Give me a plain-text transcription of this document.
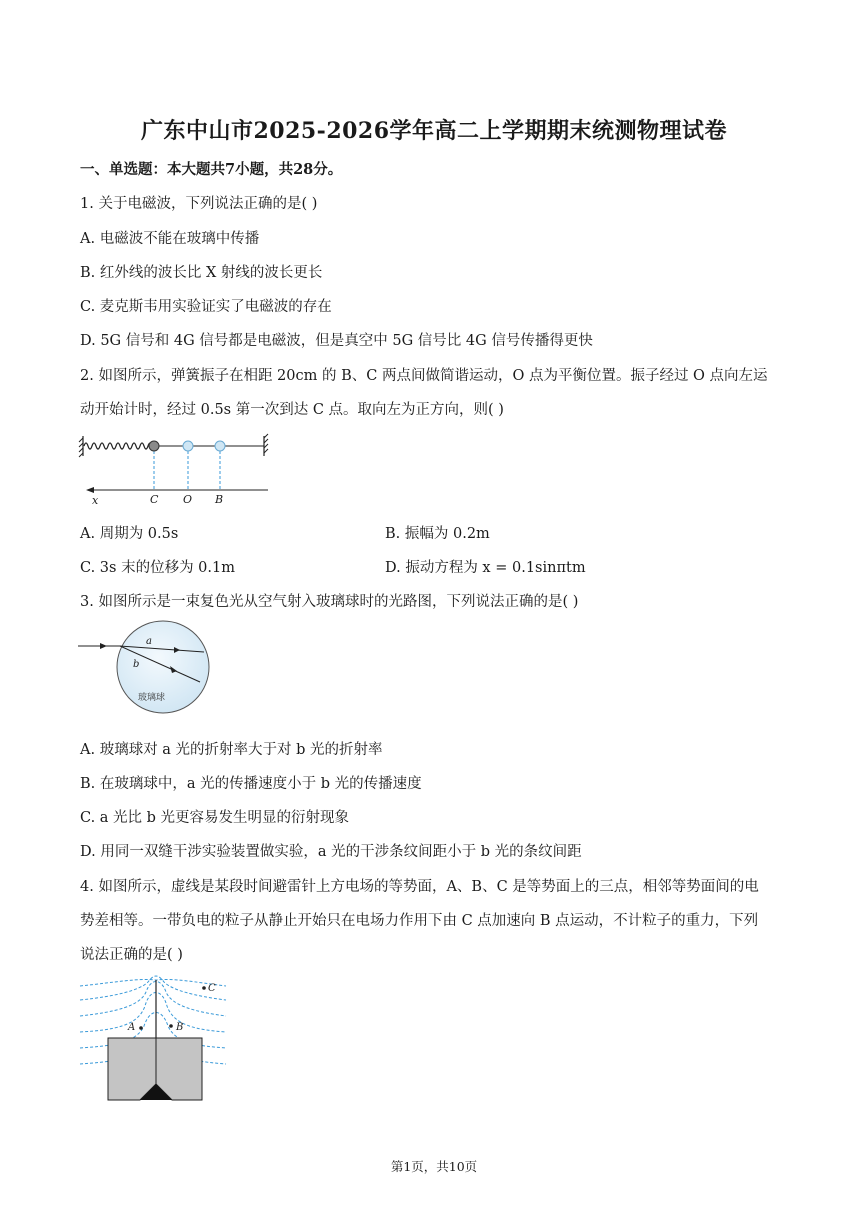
广东中山市2025-2026学年高二上学期期末统测物理试卷
一、单选题：本大题共7小题，共28分。
1. 关于电磁波，下列说法正确的是( )
A. 电磁波不能在玻璃中传播
B. 红外线的波长比 X 射线的波长更长
C. 麦克斯韦用实验证实了电磁波的存在
D. 5G 信号和 4G 信号都是电磁波，但是真空中 5G 信号比 4G 信号传播得更快
2. 如图所示，弹簧振子在相距 20cm 的 B、C 两点间做简谐运动，O 点为平衡位置。振子经过 O 点向左运
动开始计时，经过 0.5s 第一次到达 C 点。取向左为正方向，则( )
x	C O B
A. 周期为 0.5s	B. 振幅为 0.2m
C. 3s 末的位移为 0.1m	D. 振动方程为 x = 0.1sinπtm
3. 如图所示是一束复色光从空气射入玻璃球时的光路图，下列说法正确的是( )
a
b
玻璃球
A. 玻璃球对 a 光的折射率大于对 b 光的折射率
B. 在玻璃球中，a 光的传播速度小于 b 光的传播速度
C. a 光比 b 光更容易发生明显的衍射现象
D. 用同一双缝干涉实验装置做实验，a 光的干涉条纹间距小于 b 光的条纹间距
4. 如图所示，虚线是某段时间避雷针上方电场的等势面，A、B、C 是等势面上的三点，相邻等势面间的电
势差相等。一带负电的粒子从静止开始只在电场力作用下由 C 点加速向 B 点运动，不计粒子的重力，下列
说法正确的是( )
C
A	B
第1页，共10页
